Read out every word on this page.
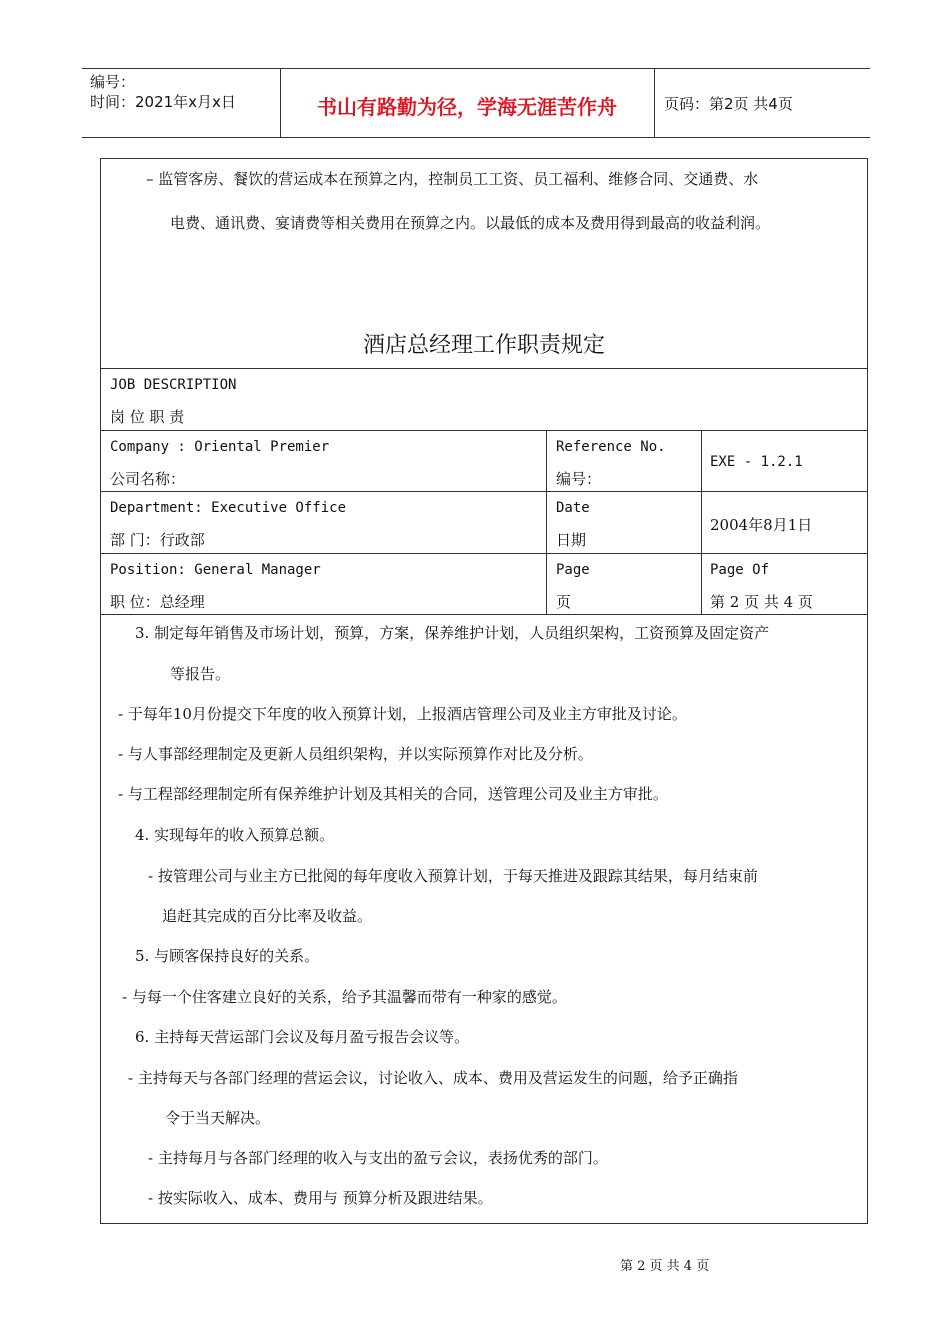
编号：
时间：2021年x月x日	书山有路勤为径，学海无涯苦作舟	页码：第2页 共4页
– 监管客房、餐饮的营运成本在预算之内，控制员工工资、员工福利、维修合同、交通费、水
电费、通讯费、宴请费等相关费用在预算之内。以最低的成本及费用得到最高的收益利润。
酒店总经理工作职责规定
JOB DESCRIPTION
岗 位 职 责
Company : Oriental Premier
公司名称：
Reference No.
编号：
EXE - 1.2.1
Department: Executive Office
部 门：行政部
Date
日期
2004年8月1日
Position: General Manager
职 位：总经理
Page
页
Page Of
第 2 页 共 4 页
3. 制定每年销售及市场计划，预算，方案，保养维护计划，人员组织架构，工资预算及固定资产
等报告。
- 于每年10月份提交下年度的收入预算计划，上报酒店管理公司及业主方审批及讨论。
- 与人事部经理制定及更新人员组织架构，并以实际预算作对比及分析。
- 与工程部经理制定所有保养维护计划及其相关的合同，送管理公司及业主方审批。
4. 实现每年的收入预算总额。
- 按管理公司与业主方已批阅的每年度收入预算计划，于每天推进及跟踪其结果，每月结束前
追赶其完成的百分比率及收益。
5. 与顾客保持良好的关系。
- 与每一个住客建立良好的关系，给予其温馨而带有一种家的感觉。
6. 主持每天营运部门会议及每月盈亏报告会议等。
- 主持每天与各部门经理的营运会议，讨论收入、成本、费用及营运发生的问题，给予正确指
令于当天解决。
- 主持每月与各部门经理的收入与支出的盈亏会议，表扬优秀的部门。
- 按实际收入、成本、费用与 预算分析及跟进结果。
第 2 页 共 4 页
